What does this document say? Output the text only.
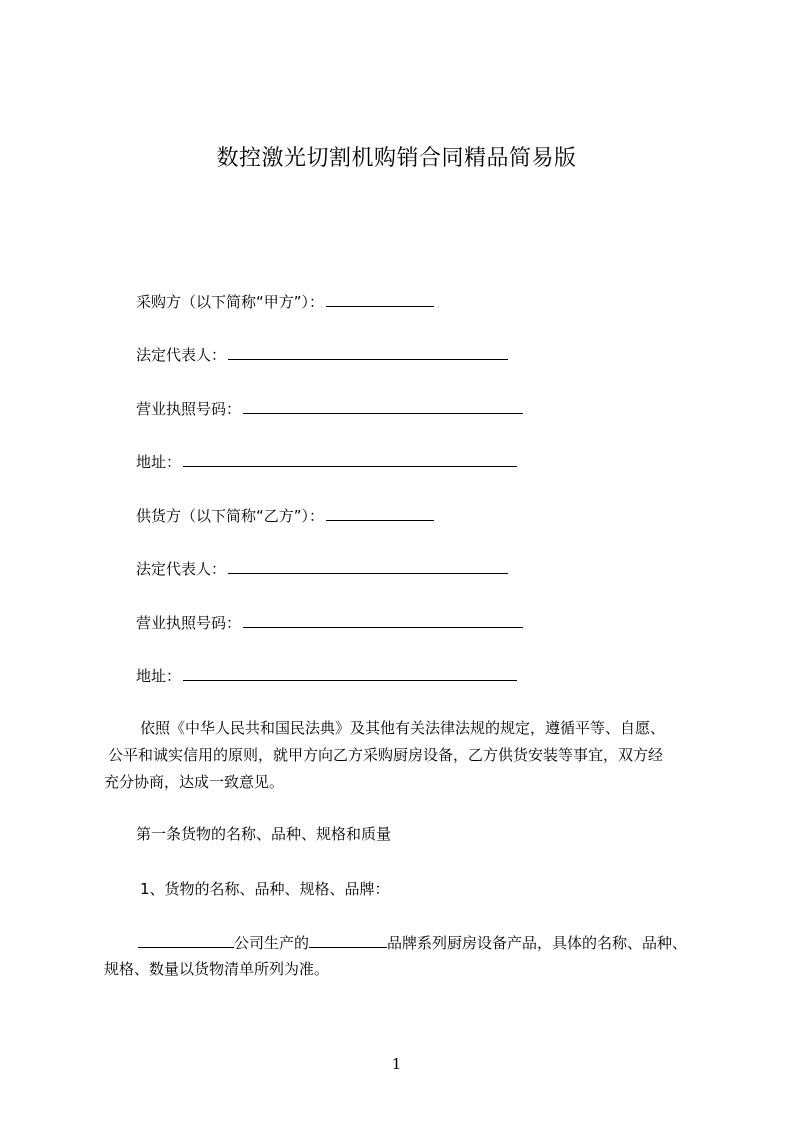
数控激光切割机购销合同精品简易版
采购方（以下简称“甲方”）：
法定代表人：
营业执照号码：
地址：
供货方（以下简称“乙方”）：
法定代表人：
营业执照号码：
地址：
依照《中华人民共和国民法典》及其他有关法律法规的规定，遵循平等、自愿、
公平和诚实信用的原则，就甲方向乙方采购厨房设备，乙方供货安装等事宜，双方经
充分协商，达成一致意见。
第一条货物的名称、品种、规格和质量
1、货物的名称、品种、规格、品牌：
公司生产的	品牌系列厨房设备产品，具体的名称、品种、
规格、数量以货物清单所列为准。
1
